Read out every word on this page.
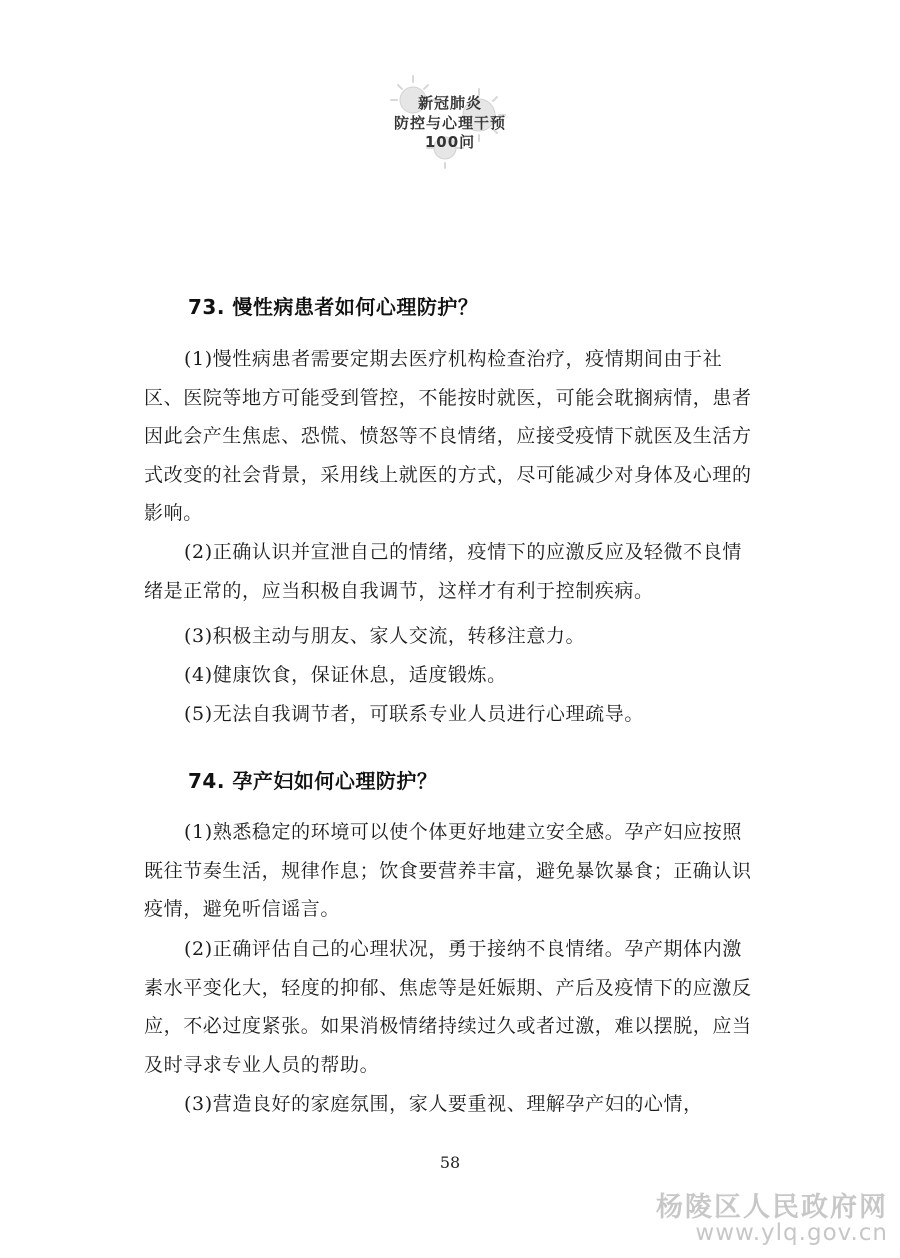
新冠肺炎
防控与心理干预
100问
73. 慢性病患者如何心理防护？
(1)慢性病患者需要定期去医疗机构检查治疗，疫情期间由于社区、医院等地方可能受到管控，不能按时就医，可能会耽搁病情，患者因此会产生焦虑、恐慌、愤怒等不良情绪，应接受疫情下就医及生活方式改变的社会背景，采用线上就医的方式，尽可能减少对身体及心理的影响。
(2)正确认识并宣泄自己的情绪，疫情下的应激反应及轻微不良情绪是正常的，应当积极自我调节，这样才有利于控制疾病。
(3)积极主动与朋友、家人交流，转移注意力。
(4)健康饮食，保证休息，适度锻炼。
(5)无法自我调节者，可联系专业人员进行心理疏导。
74. 孕产妇如何心理防护？
(1)熟悉稳定的环境可以使个体更好地建立安全感。孕产妇应按照既往节奏生活，规律作息；饮食要营养丰富，避免暴饮暴食；正确认识疫情，避免听信谣言。
(2)正确评估自己的心理状况，勇于接纳不良情绪。孕产期体内激素水平变化大，轻度的抑郁、焦虑等是妊娠期、产后及疫情下的应激反应，不必过度紧张。如果消极情绪持续过久或者过激，难以摆脱，应当及时寻求专业人员的帮助。
(3)营造良好的家庭氛围，家人要重视、理解孕产妇的心情，
58
杨陵区人民政府网
www.ylq.gov.cn
